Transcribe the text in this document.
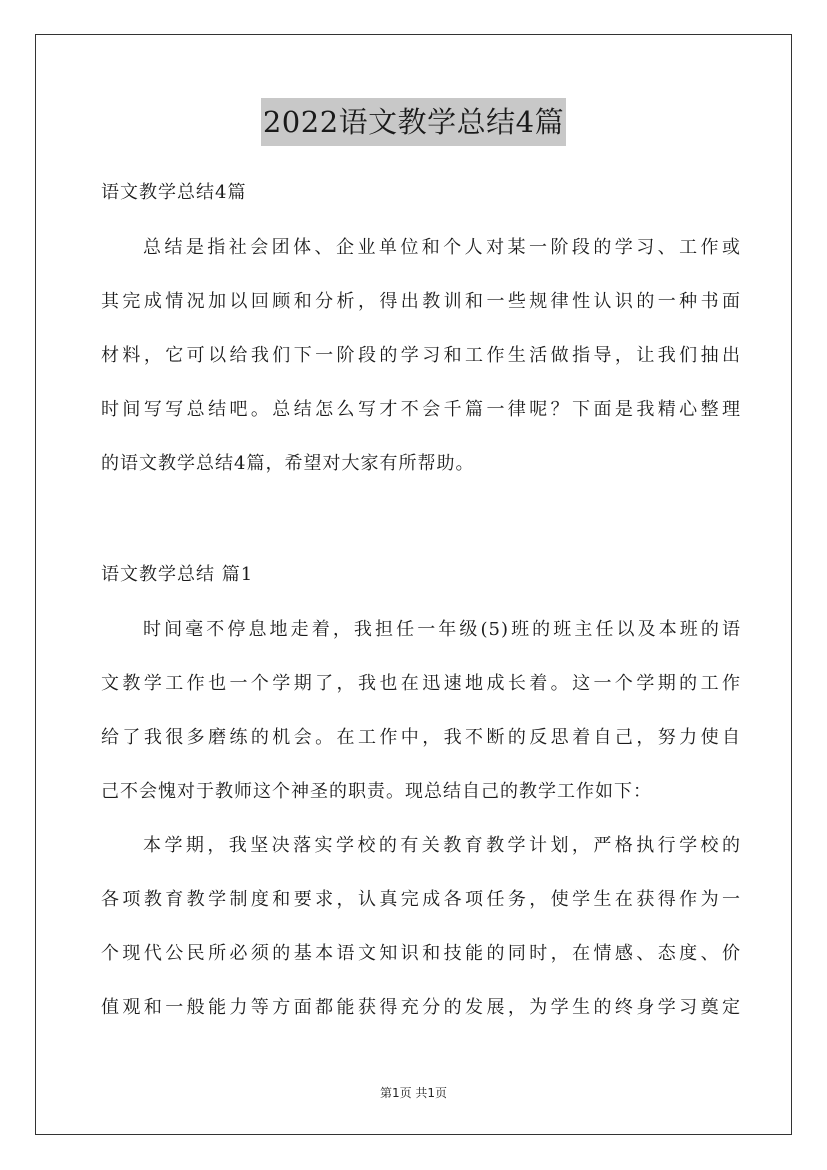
2022语文教学总结4篇
语文教学总结4篇
总结是指社会团体、企业单位和个人对某一阶段的学习、工作或
其完成情况加以回顾和分析，得出教训和一些规律性认识的一种书面
材料，它可以给我们下一阶段的学习和工作生活做指导，让我们抽出
时间写写总结吧。总结怎么写才不会千篇一律呢？下面是我精心整理
的语文教学总结4篇，希望对大家有所帮助。
语文教学总结 篇1
时间毫不停息地走着，我担任一年级(5)班的班主任以及本班的语
文教学工作也一个学期了，我也在迅速地成长着。这一个学期的工作
给了我很多磨练的机会。在工作中，我不断的反思着自己，努力使自
己不会愧对于教师这个神圣的职责。现总结自己的教学工作如下：
本学期，我坚决落实学校的有关教育教学计划，严格执行学校的
各项教育教学制度和要求，认真完成各项任务，使学生在获得作为一
个现代公民所必须的基本语文知识和技能的同时，在情感、态度、价
值观和一般能力等方面都能获得充分的发展，为学生的终身学习奠定
第1页 共1页
